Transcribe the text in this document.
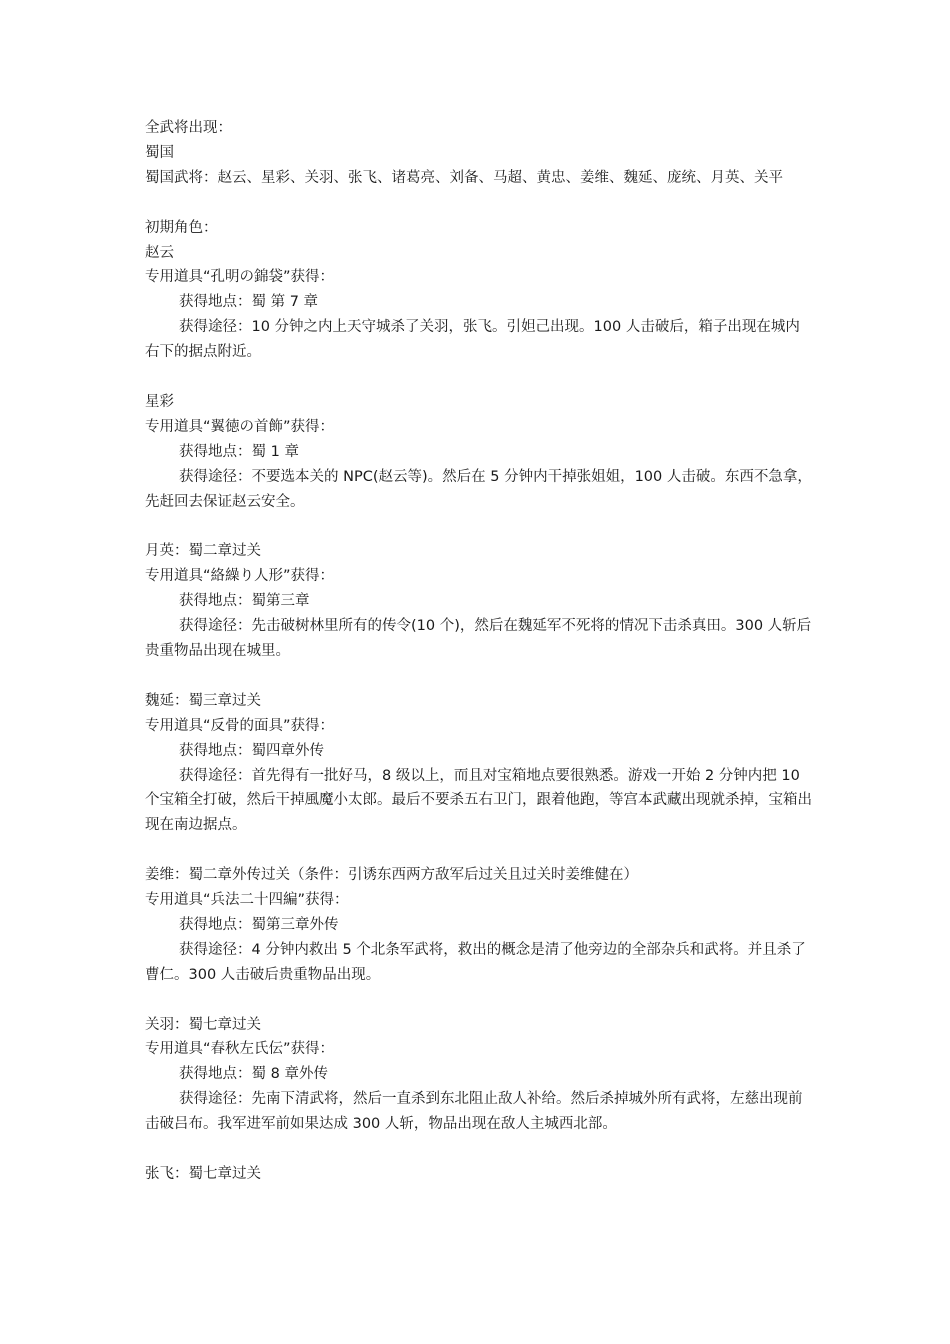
全武将出现：
蜀国
蜀国武将：赵云、星彩、关羽、张飞、诸葛亮、刘备、马超、黄忠、姜维、魏延、庞统、月英、关平
初期角色：
赵云
专用道具“孔明の錦袋”获得：
获得地点：蜀 第 7 章
获得途径：10 分钟之内上天守城杀了关羽，张飞。引妲己出现。100 人击破后，箱子出现在城内右下的据点附近。
星彩
专用道具“翼徳の首飾”获得：
获得地点：蜀 1 章
获得途径：不要选本关的 NPC(赵云等)。然后在 5 分钟内干掉张姐姐，100 人击破。东西不急拿，先赶回去保证赵云安全。
月英：蜀二章过关
专用道具“絡繰り人形”获得：
获得地点：蜀第三章
获得途径：先击破树林里所有的传令(10 个)，然后在魏延军不死将的情况下击杀真田。300 人斩后贵重物品出现在城里。
魏延：蜀三章过关
专用道具“反骨的面具”获得：
获得地点：蜀四章外传
获得途径：首先得有一批好马，8 级以上，而且对宝箱地点要很熟悉。游戏一开始 2 分钟内把 10 个宝箱全打破，然后干掉風魔小太郎。最后不要杀五右卫门，跟着他跑，等宫本武藏出现就杀掉，宝箱出现在南边据点。
姜维：蜀二章外传过关（条件：引诱东西两方敌军后过关且过关时姜维健在）
专用道具“兵法二十四編”获得：
获得地点：蜀第三章外传
获得途径：4 分钟内救出 5 个北条军武将，救出的概念是清了他旁边的全部杂兵和武将。并且杀了曹仁。300 人击破后贵重物品出现。
关羽：蜀七章过关
专用道具“春秋左氏伝”获得：
获得地点：蜀 8 章外传
获得途径：先南下清武将，然后一直杀到东北阻止敌人补给。然后杀掉城外所有武将，左慈出现前击破吕布。我军进军前如果达成 300 人斩，物品出现在敌人主城西北部。
张飞：蜀七章过关
